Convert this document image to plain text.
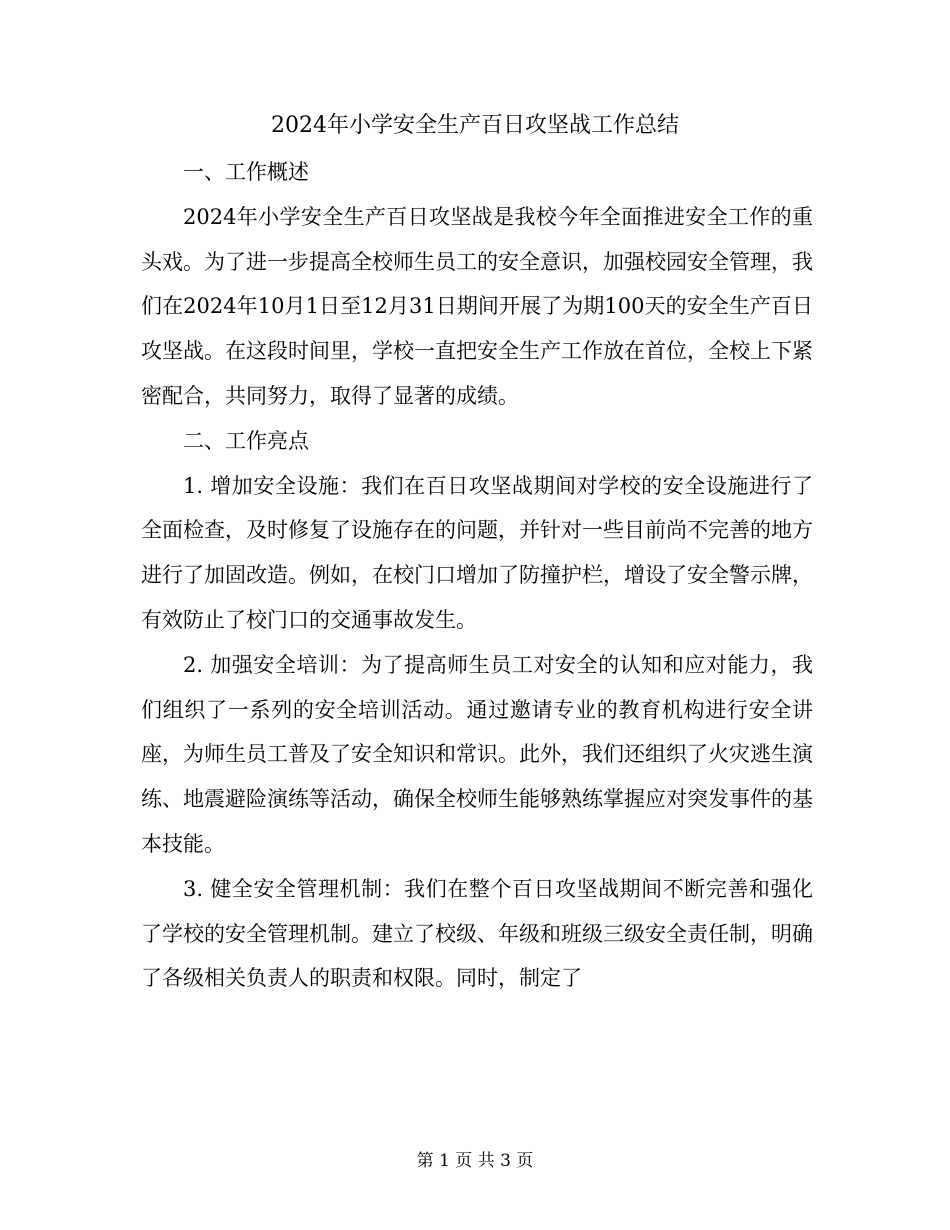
2024年小学安全生产百日攻坚战工作总结

一、工作概述

2024年小学安全生产百日攻坚战是我校今年全面推进安全工作的重头戏。为了进一步提高全校师生员工的安全意识，加强校园安全管理，我们在2024年10月1日至12月31日期间开展了为期100天的安全生产百日攻坚战。在这段时间里，学校一直把安全生产工作放在首位，全校上下紧密配合，共同努力，取得了显著的成绩。

二、工作亮点

1. 增加安全设施：我们在百日攻坚战期间对学校的安全设施进行了全面检查，及时修复了设施存在的问题，并针对一些目前尚不完善的地方进行了加固改造。例如，在校门口增加了防撞护栏，增设了安全警示牌，有效防止了校门口的交通事故发生。

2. 加强安全培训：为了提高师生员工对安全的认知和应对能力，我们组织了一系列的安全培训活动。通过邀请专业的教育机构进行安全讲座，为师生员工普及了安全知识和常识。此外，我们还组织了火灾逃生演练、地震避险演练等活动，确保全校师生能够熟练掌握应对突发事件的基本技能。

3. 健全安全管理机制：我们在整个百日攻坚战期间不断完善和强化了学校的安全管理机制。建立了校级、年级和班级三级安全责任制，明确了各级相关负责人的职责和权限。同时，制定了

第 1 页 共 3 页
